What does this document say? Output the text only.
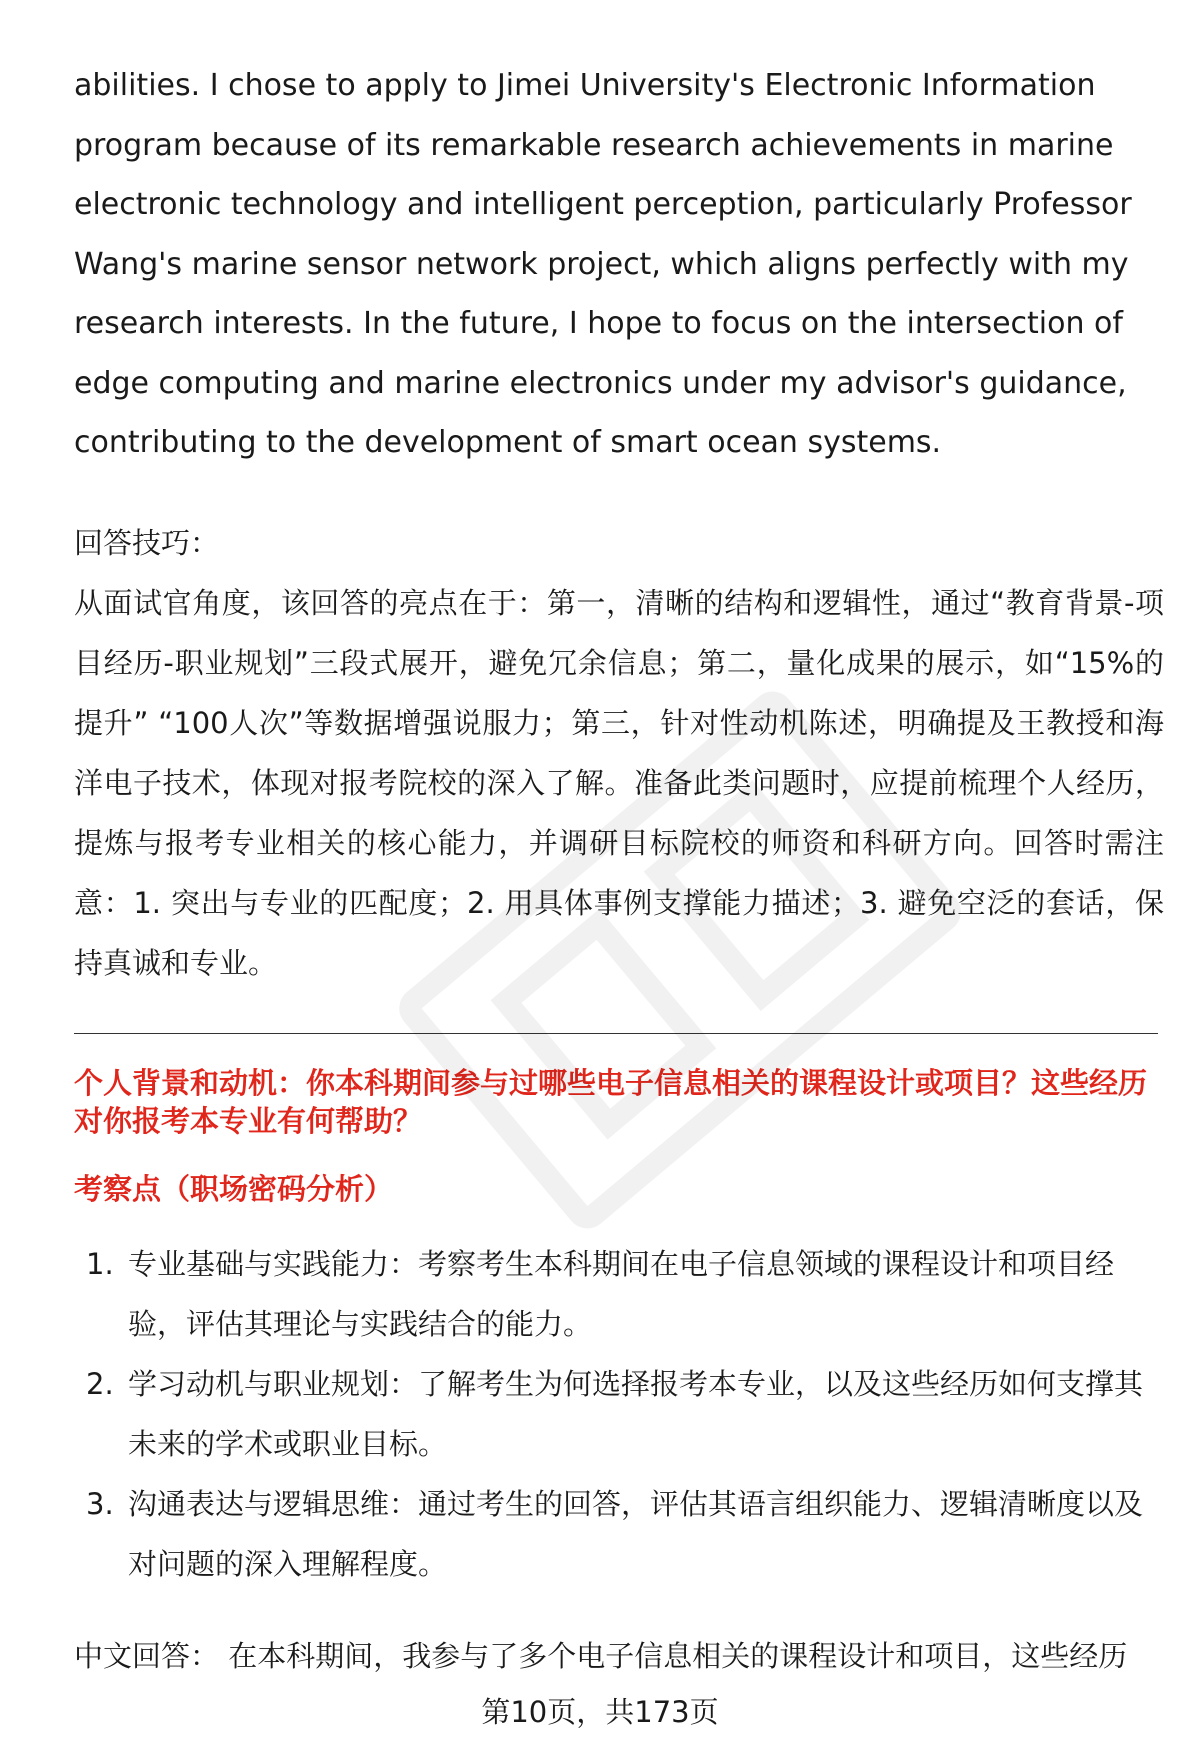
abilities. I chose to apply to Jimei University's Electronic Information program because of its remarkable research achievements in marine electronic technology and intelligent perception, particularly Professor Wang's marine sensor network project, which aligns perfectly with my research interests. In the future, I hope to focus on the intersection of edge computing and marine electronics under my advisor's guidance, contributing to the development of smart ocean systems.

回答技巧：

从面试官角度，该回答的亮点在于：第一，清晰的结构和逻辑性，通过“教育背景-项目经历-职业规划”三段式展开，避免冗余信息；第二，量化成果的展示，如“15%的提升” “100人次”等数据增强说服力；第三，针对性动机陈述，明确提及王教授和海洋电子技术，体现对报考院校的深入了解。准备此类问题时，应提前梳理个人经历，提炼与报考专业相关的核心能力，并调研目标院校的师资和科研方向。回答时需注意：1. 突出与专业的匹配度；2. 用具体事例支撑能力描述；3. 避免空泛的套话，保持真诚和专业。

个人背景和动机：你本科期间参与过哪些电子信息相关的课程设计或项目？这些经历对你报考本专业有何帮助？

考察点（职场密码分析）

1. 专业基础与实践能力：考察考生本科期间在电子信息领域的课程设计和项目经验，评估其理论与实践结合的能力。
2. 学习动机与职业规划：了解考生为何选择报考本专业，以及这些经历如何支撑其未来的学术或职业目标。
3. 沟通表达与逻辑思维：通过考生的回答，评估其语言组织能力、逻辑清晰度以及对问题的深入理解程度。

中文回答： 在本科期间，我参与了多个电子信息相关的课程设计和项目，这些经历

第10页，共173页
